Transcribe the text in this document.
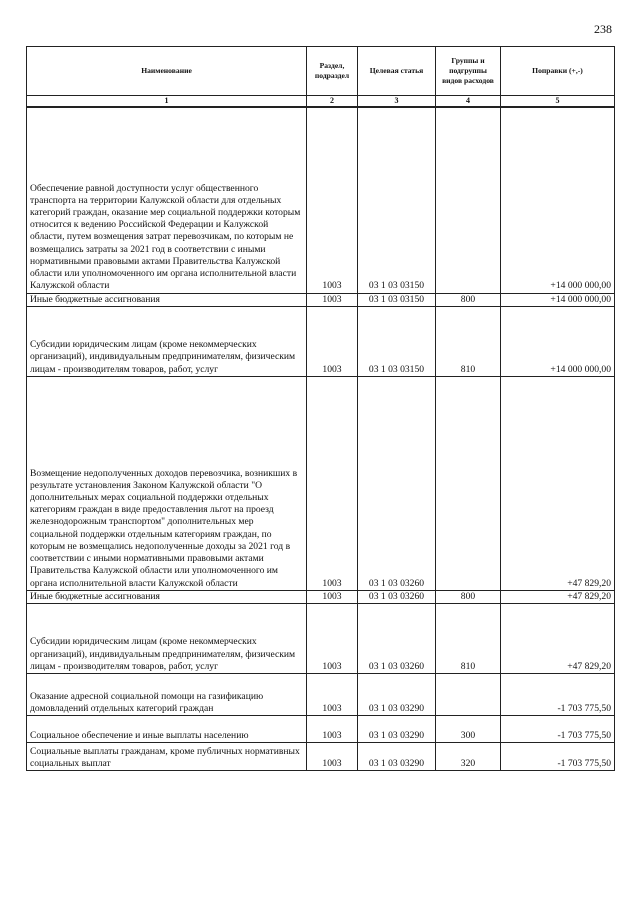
238
Наименование	Раздел, подраздел	Целевая статья	Группы и подгруппы видов расходов	Поправки (+,-)
1	2	3	4	5
Обеспечение равной доступности услуг общественного транспорта на территории Калужской области для отдельных категорий граждан, оказание мер социальной поддержки которым относится к ведению Российской Федерации и Калужской области, путем возмещения затрат перевозчикам, по которым не возмещались затраты за 2021 год в соответствии с иными нормативными правовыми актами Правительства Калужской области или уполномоченного им органа исполнительной власти Калужской области	1003	03 1 03 03150		+14 000 000,00
Иные бюджетные ассигнования	1003	03 1 03 03150	800	+14 000 000,00
Субсидии юридическим лицам (кроме некоммерческих организаций), индивидуальным предпринимателям, физическим лицам - производителям товаров, работ, услуг	1003	03 1 03 03150	810	+14 000 000,00
Возмещение недополученных доходов перевозчика, возникших в результате установления Законом Калужской области "О дополнительных мерах социальной поддержки отдельных категориям граждан в виде предоставления льгот на проезд железнодорожным транспортом" дополнительных мер социальной поддержки отдельным категориям граждан, по которым не возмещались недополученные доходы за 2021 год в соответствии с иными нормативными правовыми актами Правительства Калужской области или уполномоченного им органа исполнительной власти Калужской области	1003	03 1 03 03260		+47 829,20
Иные бюджетные ассигнования	1003	03 1 03 03260	800	+47 829,20
Субсидии юридическим лицам (кроме некоммерческих организаций), индивидуальным предпринимателям, физическим лицам - производителям товаров, работ, услуг	1003	03 1 03 03260	810	+47 829,20
Оказание адресной социальной помощи на газификацию домовладений отдельных категорий граждан	1003	03 1 03 03290		-1 703 775,50
Социальное обеспечение и иные выплаты населению	1003	03 1 03 03290	300	-1 703 775,50
Социальные выплаты гражданам, кроме публичных нормативных социальных выплат	1003	03 1 03 03290	320	-1 703 775,50
